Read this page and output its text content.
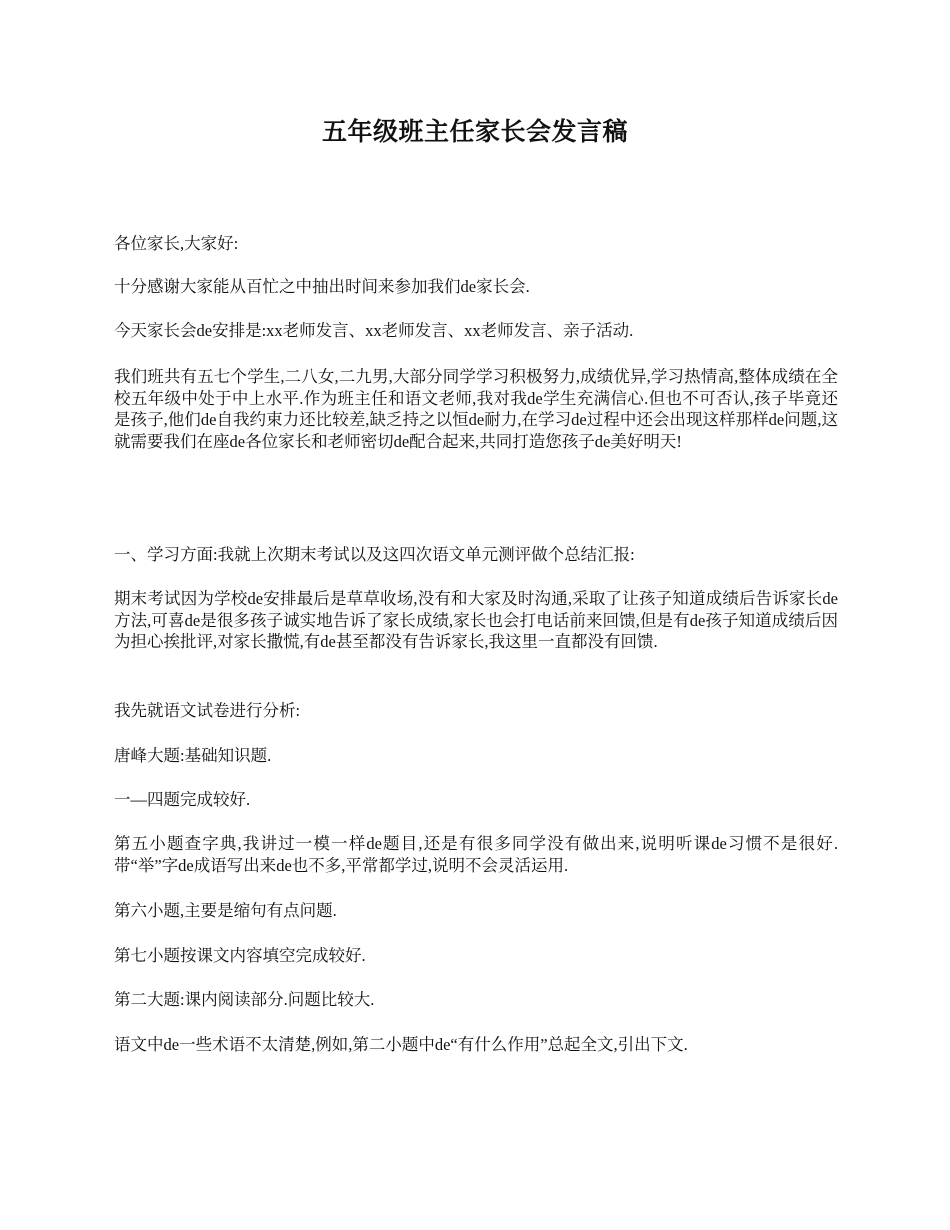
五年级班主任家长会发言稿

各位家长,大家好:

十分感谢大家能从百忙之中抽出时间来参加我们de家长会.

今天家长会de安排是:xx老师发言、xx老师发言、xx老师发言、亲子活动.

我们班共有五七个学生,二八女,二九男,大部分同学学习积极努力,成绩优异,学习热情高,整体成绩在全校五年级中处于中上水平.作为班主任和语文老师,我对我de学生充满信心.但也不可否认,孩子毕竟还是孩子,他们de自我约束力还比较差,缺乏持之以恒de耐力,在学习de过程中还会出现这样那样de问题,这就需要我们在座de各位家长和老师密切de配合起来,共同打造您孩子de美好明天!

一、学习方面:我就上次期末考试以及这四次语文单元测评做个总结汇报:

期末考试因为学校de安排最后是草草收场,没有和大家及时沟通,采取了让孩子知道成绩后告诉家长de方法,可喜de是很多孩子诚实地告诉了家长成绩,家长也会打电话前来回馈,但是有de孩子知道成绩后因为担心挨批评,对家长撒慌,有de甚至都没有告诉家长,我这里一直都没有回馈.

我先就语文试卷进行分析:

唐峰大题:基础知识题.

一—四题完成较好.

第五小题查字典,我讲过一模一样de题目,还是有很多同学没有做出来,说明听课de习惯不是很好.带“举”字de成语写出来de也不多,平常都学过,说明不会灵活运用.

第六小题,主要是缩句有点问题.

第七小题按课文内容填空完成较好.

第二大题:课内阅读部分.问题比较大.

语文中de一些术语不太清楚,例如,第二小题中de“有什么作用”总起全文,引出下文.
